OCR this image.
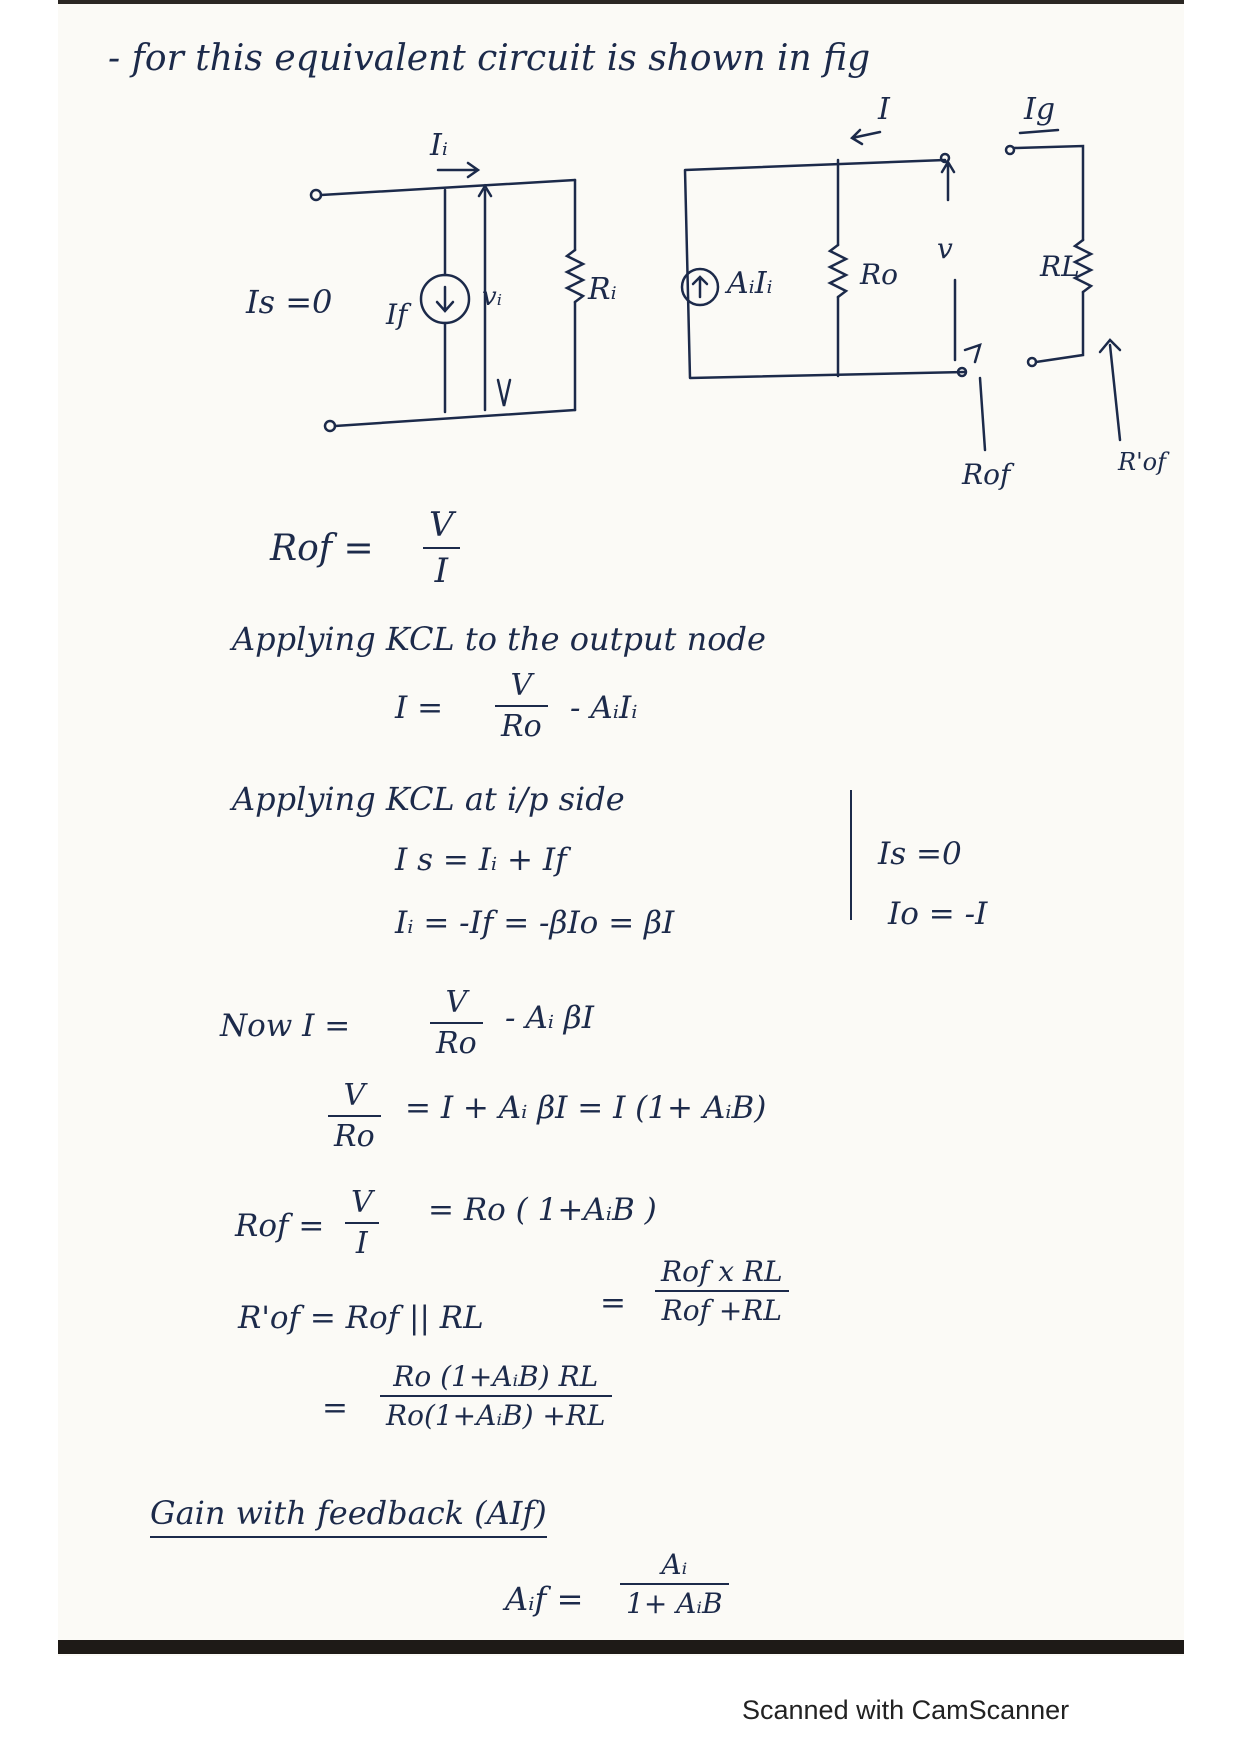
- for this equivalent circuit is shown in fig
Iᵢ
Is =0 If
vᵢ	Rᵢ	AᵢIᵢ	Ro
I
v
Ig
RL
Rof	R'of
Rof =
V
I
Applying KCL to the output node
I =
V
Ro
- AᵢIᵢ
Applying KCL at i/p side
I s = Iᵢ + If
Iᵢ = -If = -βIo = βI
Is =0
Io = -I
Now I =
V
Ro
- Aᵢ βI
V
Ro
= I + Aᵢ βI = I (1+ AᵢB)
Rof =
V
I
= Ro ( 1+AᵢB )
R'of = Rof || RL	=
Rof x RL
Rof +RL
=
Ro (1+AᵢB) RL
Ro(1+AᵢB) +RL
Gain with feedback (AIf)
Aᵢf =
Aᵢ
1+ AᵢB
Scanned with CamScanner
